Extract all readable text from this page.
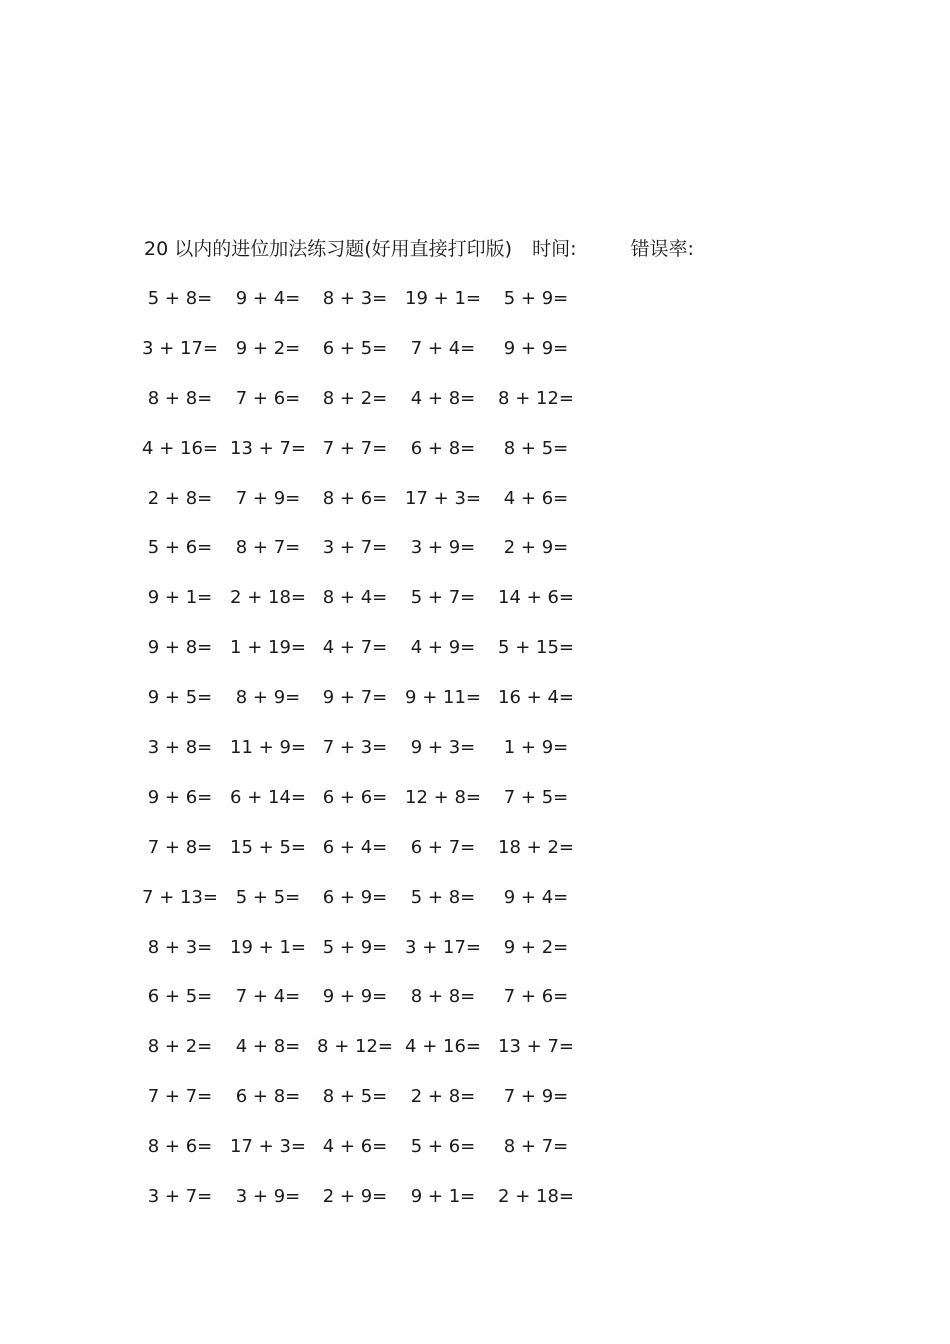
20 以内的进位加法练习题(好用直接打印版) 时间:	错误率:
5 + 8=	9 + 4=	8 + 3= 19 + 1=	5 + 9=
3 + 17= 9 + 2=	6 + 5=	7 + 4=	9 + 9=
8 + 8=	7 + 6=	8 + 2=	4 + 8=	8 + 12=
4 + 16= 13 + 7= 7 + 7=	6 + 8=	8 + 5=
2 + 8=	7 + 9=	8 + 6= 17 + 3=	4 + 6=
5 + 6=	8 + 7=	3 + 7=	3 + 9=	2 + 9=
9 + 1= 2 + 18= 8 + 4=	5 + 7=	14 + 6=
9 + 8= 1 + 19= 4 + 7=	4 + 9=	5 + 15=
9 + 5=	8 + 9=	9 + 7= 9 + 11= 16 + 4=
3 + 8= 11 + 9= 7 + 3=	9 + 3=	1 + 9=
9 + 6= 6 + 14= 6 + 6= 12 + 8=	7 + 5=
7 + 8= 15 + 5= 6 + 4=	6 + 7=	18 + 2=
7 + 13= 5 + 5=	6 + 9=	5 + 8=	9 + 4=
8 + 3= 19 + 1= 5 + 9= 3 + 17=	9 + 2=
6 + 5=	7 + 4=	9 + 9=	8 + 8=	7 + 6=
8 + 2=	4 + 8= 8 + 12= 4 + 16= 13 + 7=
7 + 7=	6 + 8=	8 + 5=	2 + 8=	7 + 9=
8 + 6= 17 + 3= 4 + 6=	5 + 6=	8 + 7=
3 + 7=	3 + 9=	2 + 9=	9 + 1=	2 + 18=
